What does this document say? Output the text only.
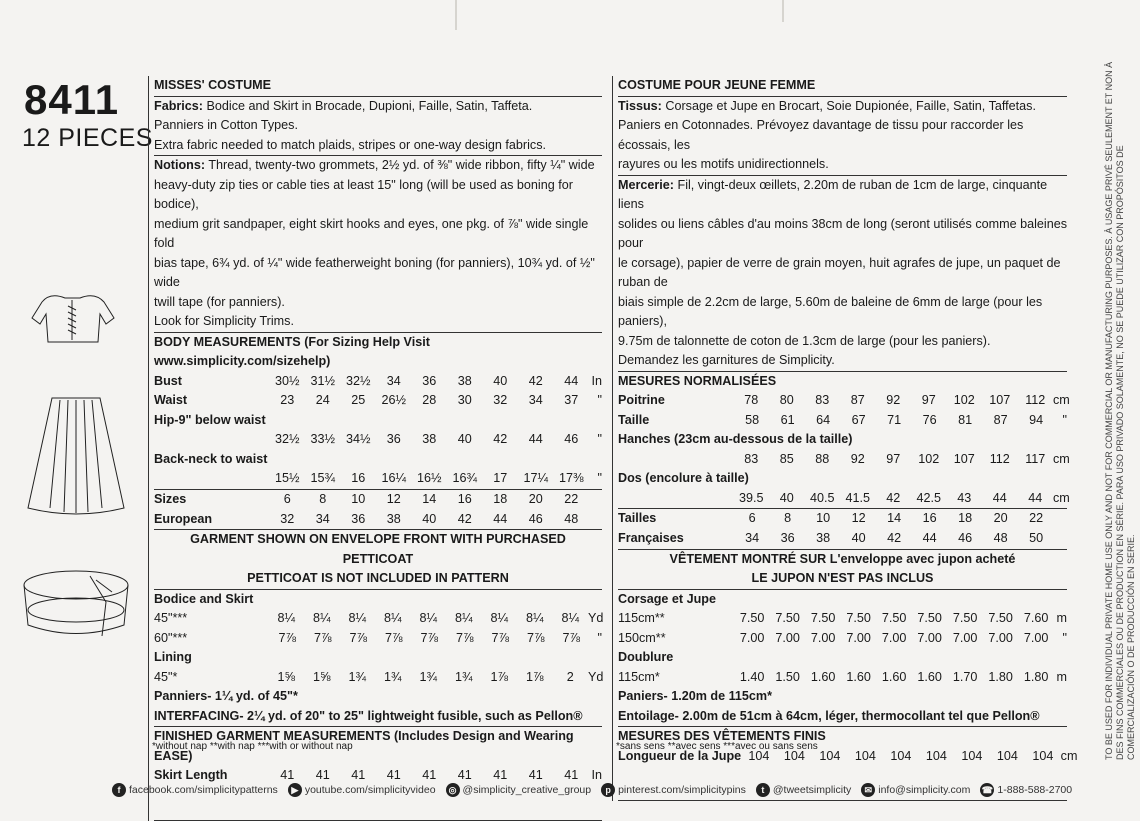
8411
12 PIECES
MISSES' COSTUME
Fabrics: Bodice and Skirt in Brocade, Dupioni, Faille, Satin, Taffeta.
Panniers in Cotton Types.
Extra fabric needed to match plaids, stripes or one-way design fabrics.
Notions: Thread, twenty-two grommets, 2½ yd. of ⅜" wide ribbon, fifty ¼" wide
heavy-duty zip ties or cable ties at least 15" long (will be used as boning for bodice),
medium grit sandpaper, eight skirt hooks and eyes, one pkg. of ⅞" wide single fold
bias tape, 6¾ yd. of ¼" wide featherweight boning (for panniers), 10¾ yd. of ½" wide
twill tape (for panniers).
Look for Simplicity Trims.
BODY MEASUREMENTS (For Sizing Help Visit www.simplicity.com/sizehelp)
Bust	30½ 31½ 32½	34	36	38	40	42	44	In
Waist	23	24	25	26½	28	30	32	34	37	"
Hip-9" below waist
32½ 33½ 34½	36	38	40	42	44	46	"
Back-neck to waist
15½ 15¾	16	16¼ 16½ 16¾	17	17¼ 17⅜	"
Sizes	6	8	10	12	14	16	18	20	22
European	32	34	36	38	40	42	44	46	48
GARMENT SHOWN ON ENVELOPE FRONT WITH PURCHASED PETTICOAT
PETTICOAT IS NOT INCLUDED IN PATTERN
Bodice and Skirt
45"***	8¼	8¼	8¼	8¼	8¼	8¼	8¼	8¼	8¼ Yd
60"***	7⅞	7⅞	7⅞	7⅞	7⅞	7⅞	7⅞	7⅞	7⅞	"
Lining
45"*	1⅝	1⅝	1¾	1¾	1¾	1¾	1⅞	1⅞	2	Yd
Panniers- 1¼ yd. of 45"*
INTERFACING- 2¼ yd. of 20" to 25" lightweight fusible, such as Pellon®
FINISHED GARMENT MEASUREMENTS (Includes Design and Wearing EASE)
Skirt Length	41	41	41	41	41	41	41	41	41	In
*without nap **with nap ***with or without nap
COSTUME POUR JEUNE FEMME
Tissus: Corsage et Jupe en Brocart, Soie Dupionée, Faille, Satin, Taffetas.
Paniers en Cotonnades. Prévoyez davantage de tissu pour raccorder les écossais, les
rayures ou les motifs unidirectionnels.
Mercerie: Fil, vingt-deux œillets, 2.20m de ruban de 1cm de large, cinquante liens
solides ou liens câbles d'au moins 38cm de long (seront utilisés comme baleines pour
le corsage), papier de verre de grain moyen, huit agrafes de jupe, un paquet de ruban de
biais simple de 2.2cm de large, 5.60m de baleine de 6mm de large (pour les paniers),
9.75m de talonnette de coton de 1.3cm de large (pour les paniers).
Demandez les garnitures de Simplicity.
MESURES NORMALISÉES
Poitrine	78	80	83	87	92	97	102	107	112 cm
Taille	58	61	64	67	71	76	81	87	94	"
Hanches (23cm au-dessous de la taille)
83	85	88	92	97	102	107	112	117 cm
Dos (encolure à taille)
39.5	40	40.5 41.5	42	42.5	43	44	44 cm
Tailles	6	8	10	12	14	16	18	20	22
Françaises	34	36	38	40	42	44	46	48	50
VÊTEMENT MONTRÉ SUR L'enveloppe avec jupon acheté
LE JUPON N'EST PAS INCLUS
Corsage et Jupe
115cm**	7.50 7.50 7.50 7.50 7.50 7.50 7.50 7.50 7.60 m
150cm**	7.00 7.00 7.00 7.00 7.00 7.00 7.00 7.00 7.00	"
Doublure
115cm*	1.40 1.50 1.60 1.60 1.60 1.60 1.70 1.80 1.80 m
Paniers- 1.20m de 115cm*
Entoilage- 2.00m de 51cm à 64cm, léger, thermocollant tel que Pellon®
MESURES DES VÊTEMENTS FINIS
Longueur de la Jupe 104	104	104	104	104	104	104	104	104 cm
*sans sens **avec sens ***avec ou sans sens	TO BE USED FOR INDIVIDUAL PRIVATE HOME USE ONLY AND NOT FOR COMMERCIAL OR MANUFACTURING PURPOSES. À USAGE PRIVÉ SEULEMENT ET NON À DES FINS COMMERCIALES OU DE PRODUCTION EN SÉRIE. PARA USO PRIVADO SOLAMENTE, NO SE PUEDE UTILIZAR CON PROPÓSITOS DE COMERCIALIZACIÓN O DE PRODUCCIÓN EN SERIE.
f facebook.com/simplicitypatterns	▶ youtube.com/simplicityvideo	◎ @simplicity_creative_group	p pinterest.com/simplicitypins	t @tweetsimplicity	✉ info@simplicity.com ☎ 1-888-588-2700
